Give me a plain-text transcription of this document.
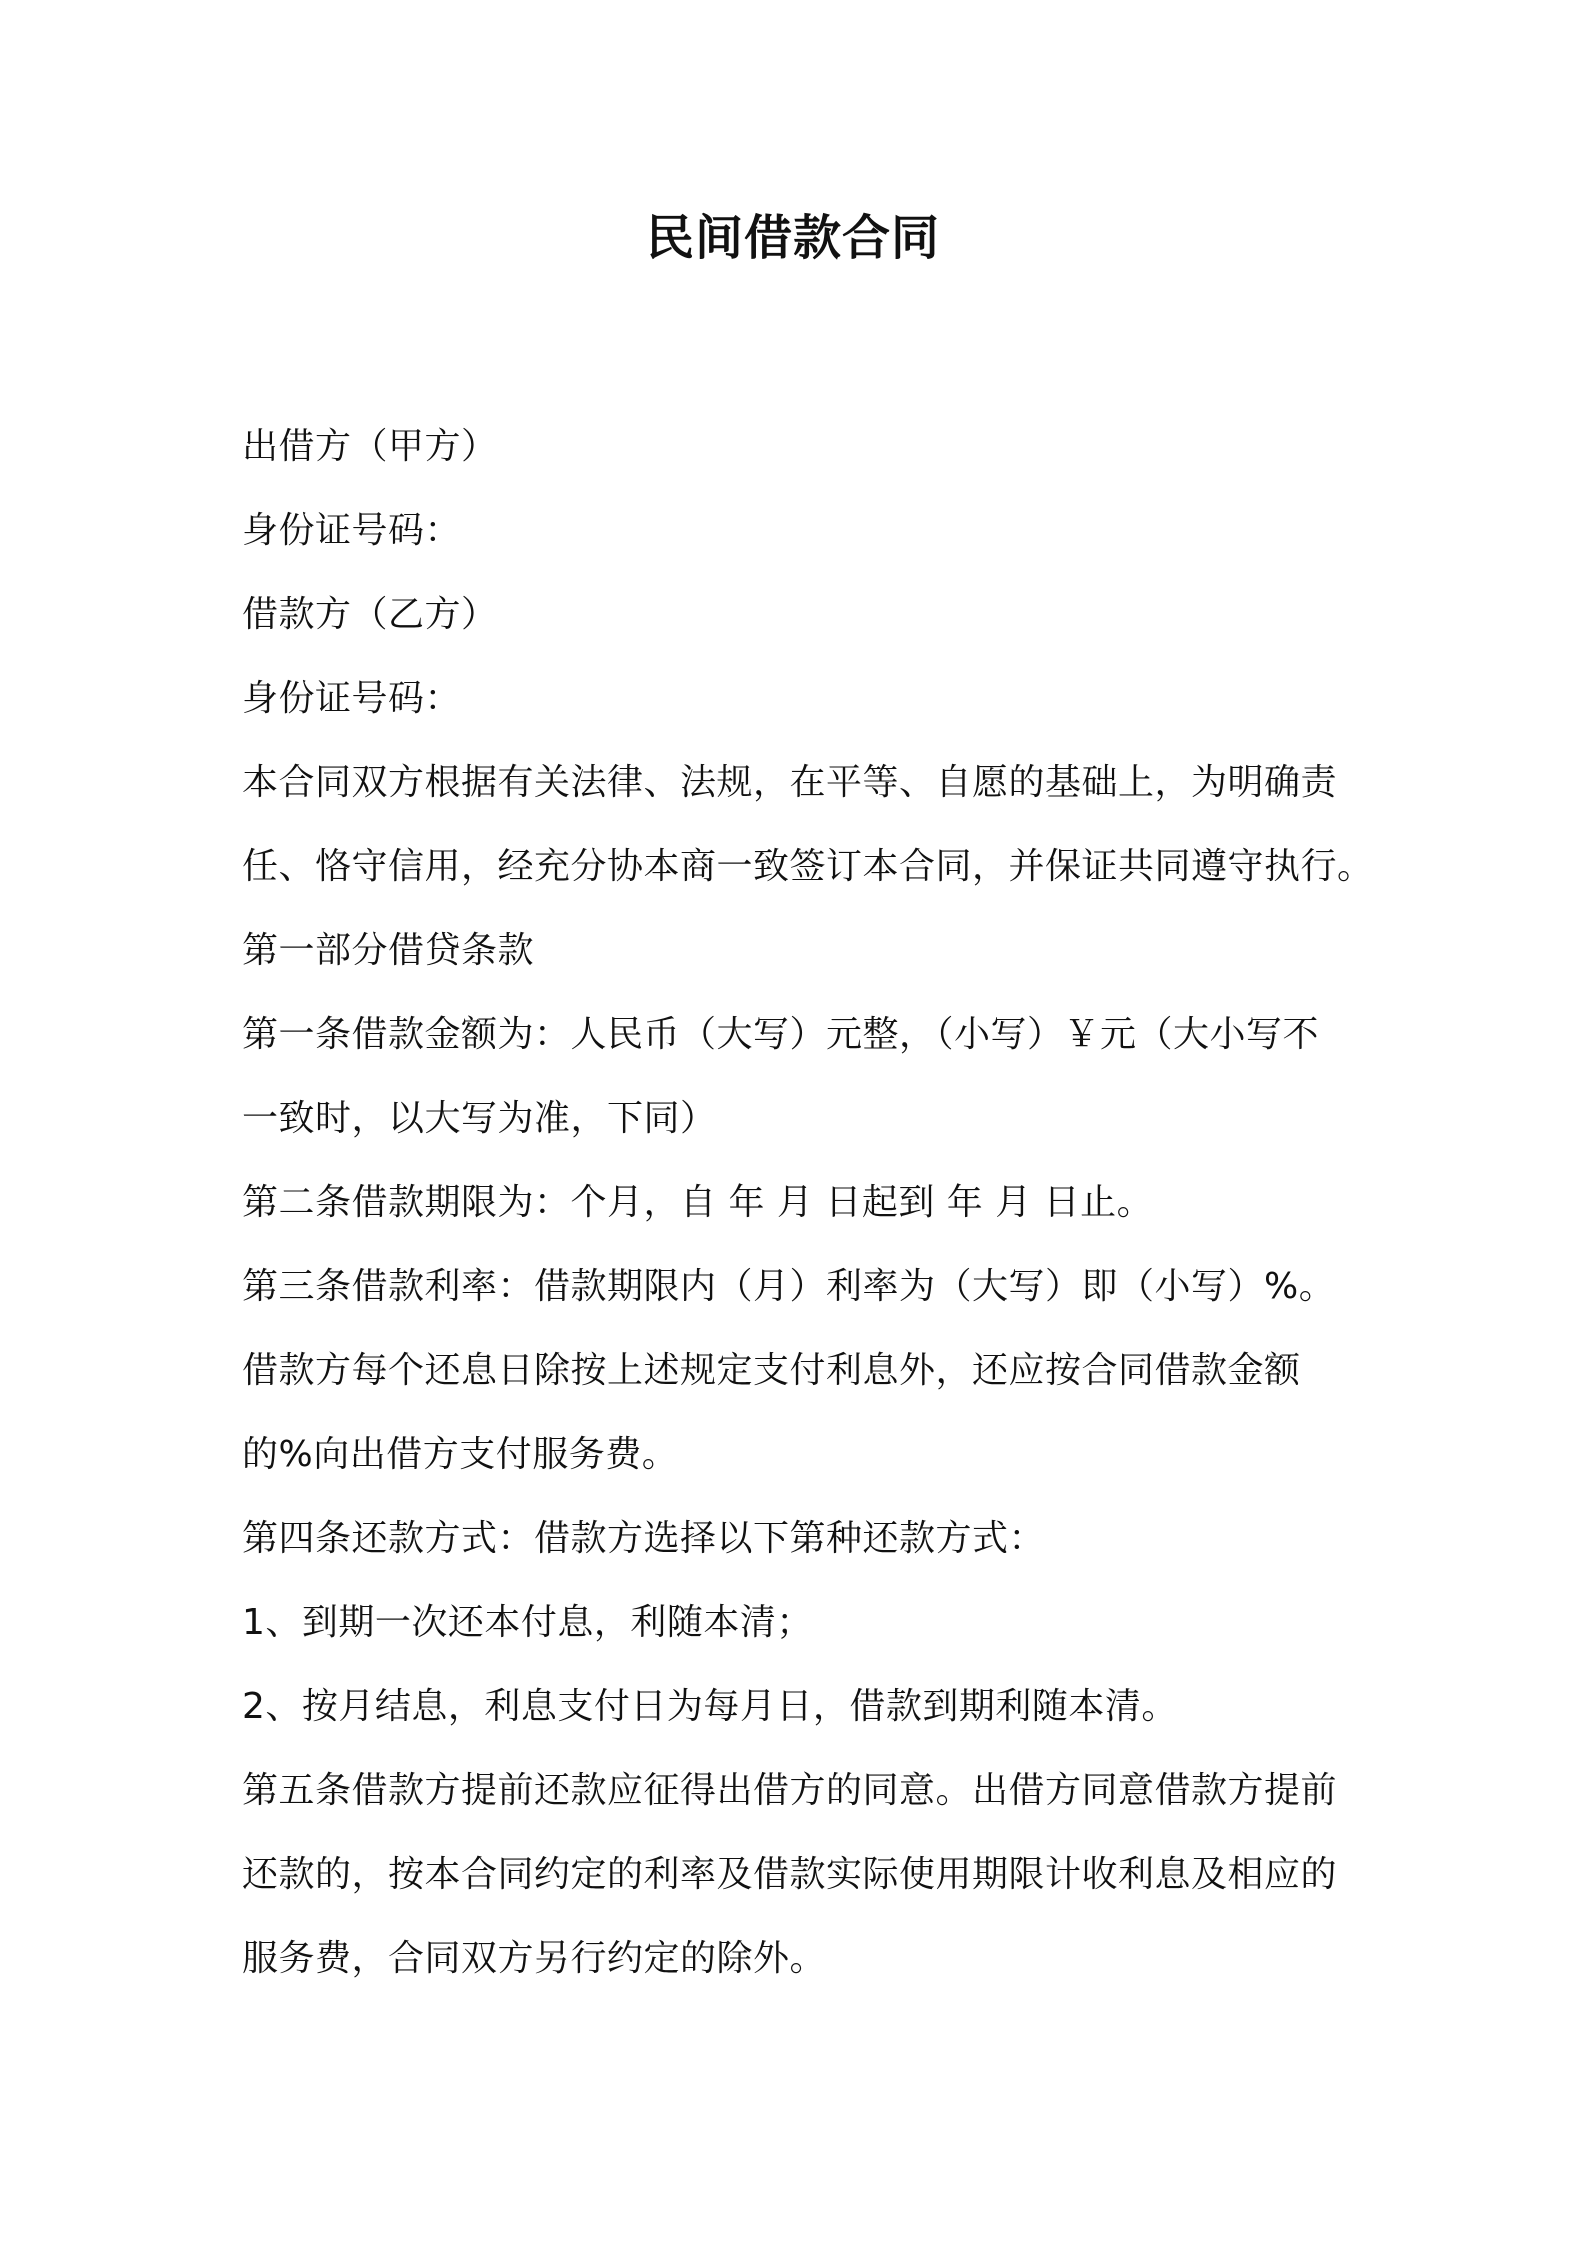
民间借款合同
出借方（甲方）
身份证号码：
借款方（乙方）
身份证号码：
本合同双方根据有关法律、法规，在平等、自愿的基础上，为明确责
任、恪守信用，经充分协本商一致签订本合同，并保证共同遵守执行。
第一部分借贷条款
第一条借款金额为：人民币（大写）元整，（小写）￥元（大小写不
一致时，以大写为准，下同）
第二条借款期限为：个月，自 年 月 日起到 年 月 日止。
第三条借款利率：借款期限内（月）利率为（大写）即（小写）%。
借款方每个还息日除按上述规定支付利息外，还应按合同借款金额
的%向出借方支付服务费。
第四条还款方式：借款方选择以下第种还款方式：
1、到期一次还本付息，利随本清；
2、按月结息，利息支付日为每月日，借款到期利随本清。
第五条借款方提前还款应征得出借方的同意。出借方同意借款方提前
还款的，按本合同约定的利率及借款实际使用期限计收利息及相应的
服务费，合同双方另行约定的除外。
